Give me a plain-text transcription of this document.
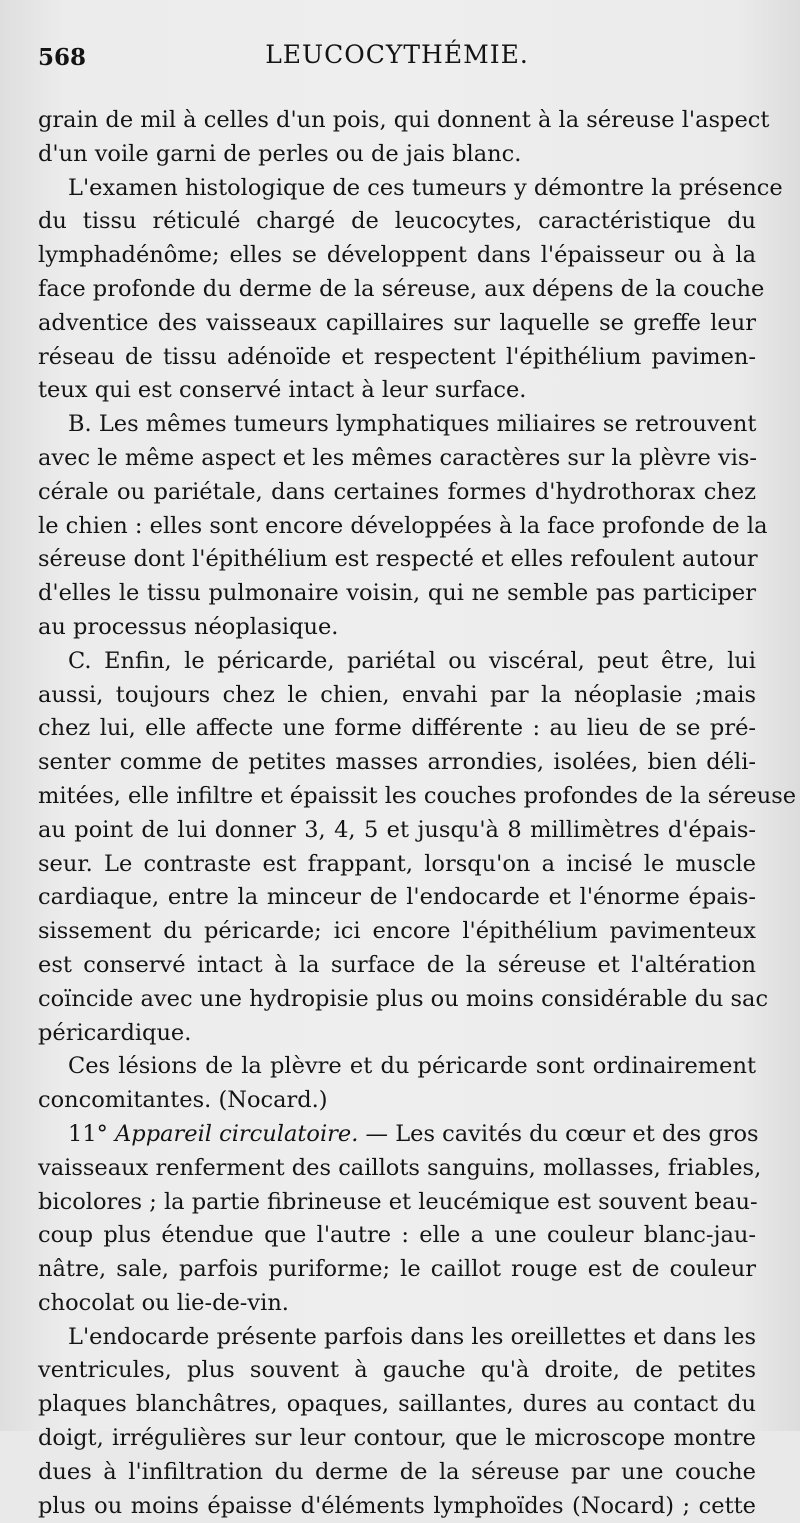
568	LEUCOCYTHÉMIE.
grain de mil à celles d'un pois, qui donnent à la séreuse l'aspect
d'un voile garni de perles ou de jais blanc.
L'examen histologique de ces tumeurs y démontre la présence
du tissu réticulé chargé de leucocytes, caractéristique du
lymphadénôme; elles se développent dans l'épaisseur ou à la
face profonde du derme de la séreuse, aux dépens de la couche
adventice des vaisseaux capillaires sur laquelle se greffe leur
réseau de tissu adénoïde et respectent l'épithélium pavimen-
teux qui est conservé intact à leur surface.
B. Les mêmes tumeurs lymphatiques miliaires se retrouvent
avec le même aspect et les mêmes caractères sur la plèvre vis-
cérale ou pariétale, dans certaines formes d'hydrothorax chez
le chien : elles sont encore développées à la face profonde de la
séreuse dont l'épithélium est respecté et elles refoulent autour
d'elles le tissu pulmonaire voisin, qui ne semble pas participer
au processus néoplasique.
C. Enfin, le péricarde, pariétal ou viscéral, peut être, lui
aussi, toujours chez le chien, envahi par la néoplasie ;mais
chez lui, elle affecte une forme différente : au lieu de se pré-
senter comme de petites masses arrondies, isolées, bien déli-
mitées, elle infiltre et épaissit les couches profondes de la séreuse
au point de lui donner 3, 4, 5 et jusqu'à 8 millimètres d'épais-
seur. Le contraste est frappant, lorsqu'on a incisé le muscle
cardiaque, entre la minceur de l'endocarde et l'énorme épais-
sissement du péricarde; ici encore l'épithélium pavimenteux
est conservé intact à la surface de la séreuse et l'altération
coïncide avec une hydropisie plus ou moins considérable du sac
péricardique.
Ces lésions de la plèvre et du péricarde sont ordinairement
concomitantes. (Nocard.)
11° Appareil circulatoire. — Les cavités du cœur et des gros
vaisseaux renferment des caillots sanguins, mollasses, friables,
bicolores ; la partie fibrineuse et leucémique est souvent beau-
coup plus étendue que l'autre : elle a une couleur blanc-jau-
nâtre, sale, parfois puriforme; le caillot rouge est de couleur
chocolat ou lie-de-vin.
L'endocarde présente parfois dans les oreillettes et dans les
ventricules, plus souvent à gauche qu'à droite, de petites
plaques blanchâtres, opaques, saillantes, dures au contact du
doigt, irrégulières sur leur contour, que le microscope montre
dues à l'infiltration du derme de la séreuse par une couche
plus ou moins épaisse d'éléments lymphoïdes (Nocard) ; cette
